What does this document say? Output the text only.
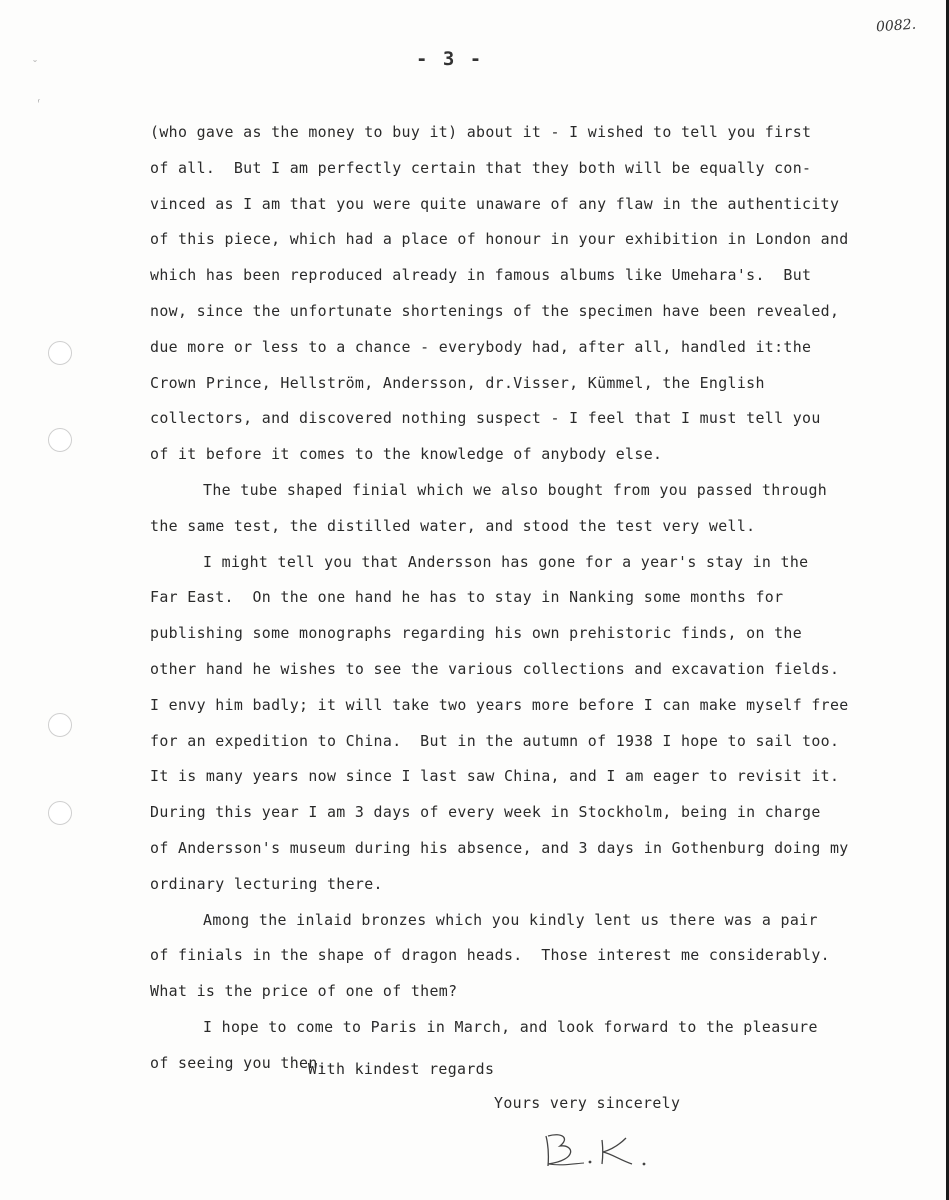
0082.
- 3 -
˘
ʳ
(who gave as the money to buy it) about it - I wished to tell you first
of all.  But I am perfectly certain that they both will be equally con-
vinced as I am that you were quite unaware of any flaw in the authenticity
of this piece, which had a place of honour in your exhibition in London and
which has been reproduced already in famous albums like Umehara's.  But
now, since the unfortunate shortenings of the specimen have been revealed,
due more or less to a chance - everybody had, after all, handled it:the
Crown Prince, Hellström, Andersson, dr.Visser, Kümmel, the English
collectors, and discovered nothing suspect - I feel that I must tell you
of it before it comes to the knowledge of anybody else.
The tube shaped finial which we also bought from you passed through
the same test, the distilled water, and stood the test very well.
I might tell you that Andersson has gone for a year's stay in the
Far East.  On the one hand he has to stay in Nanking some months for
publishing some monographs regarding his own prehistoric finds, on the
other hand he wishes to see the various collections and excavation fields.
I envy him badly; it will take two years more before I can make myself free
for an expedition to China.  But in the autumn of 1938 I hope to sail too.
It is many years now since I last saw China, and I am eager to revisit it.
During this year I am 3 days of every week in Stockholm, being in charge
of Andersson's museum during his absence, and 3 days in Gothenburg doing my
ordinary lecturing there.
Among the inlaid bronzes which you kindly lent us there was a pair
of finials in the shape of dragon heads.  Those interest me considerably.
What is the price of one of them?
I hope to come to Paris in March, and look forward to the pleasure
of seeing you then.
With kindest regards
Yours very sincerely
